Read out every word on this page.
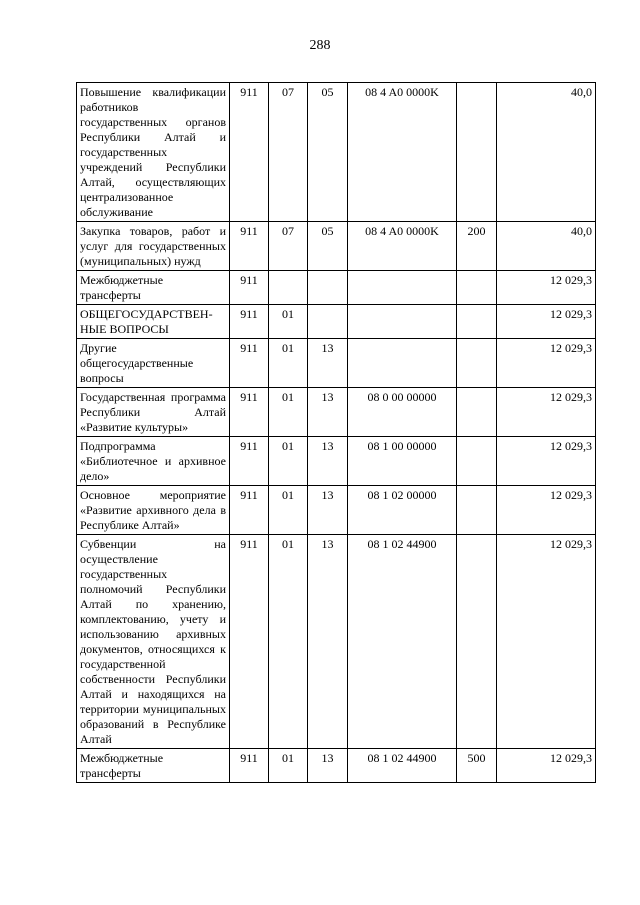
288
Повышение квалификации работников государственных органов Республики Алтай и государственных учреждений Республики Алтай, осуществляющих централизованное обслуживание	911	07	05	08 4 A0 0000K		40,0
Закупка товаров, работ и услуг для государственных (муниципальных) нужд	911	07	05	08 4 A0 0000K	200	40,0
Межбюджетные трансферты	911					12 029,3
ОБЩЕГОСУДАРСТВЕН-НЫЕ ВОПРОСЫ	911	01				12 029,3
Другие общегосударственные вопросы	911	01	13			12 029,3
Государственная программа Республики Алтай «Развитие культуры»	911	01	13	08 0 00 00000		12 029,3
Подпрограмма «Библиотечное и архивное дело»	911	01	13	08 1 00 00000		12 029,3
Основное мероприятие «Развитие архивного дела в Республике Алтай»	911	01	13	08 1 02 00000		12 029,3
Субвенции на осуществление государственных полномочий Республики Алтай по хранению, комплектованию, учету и использованию архивных документов, относящихся к государственной собственности Республики Алтай и находящихся на территории муниципальных образований в Республике Алтай	911	01	13	08 1 02 44900		12 029,3
Межбюджетные трансферты	911	01	13	08 1 02 44900	500	12 029,3
